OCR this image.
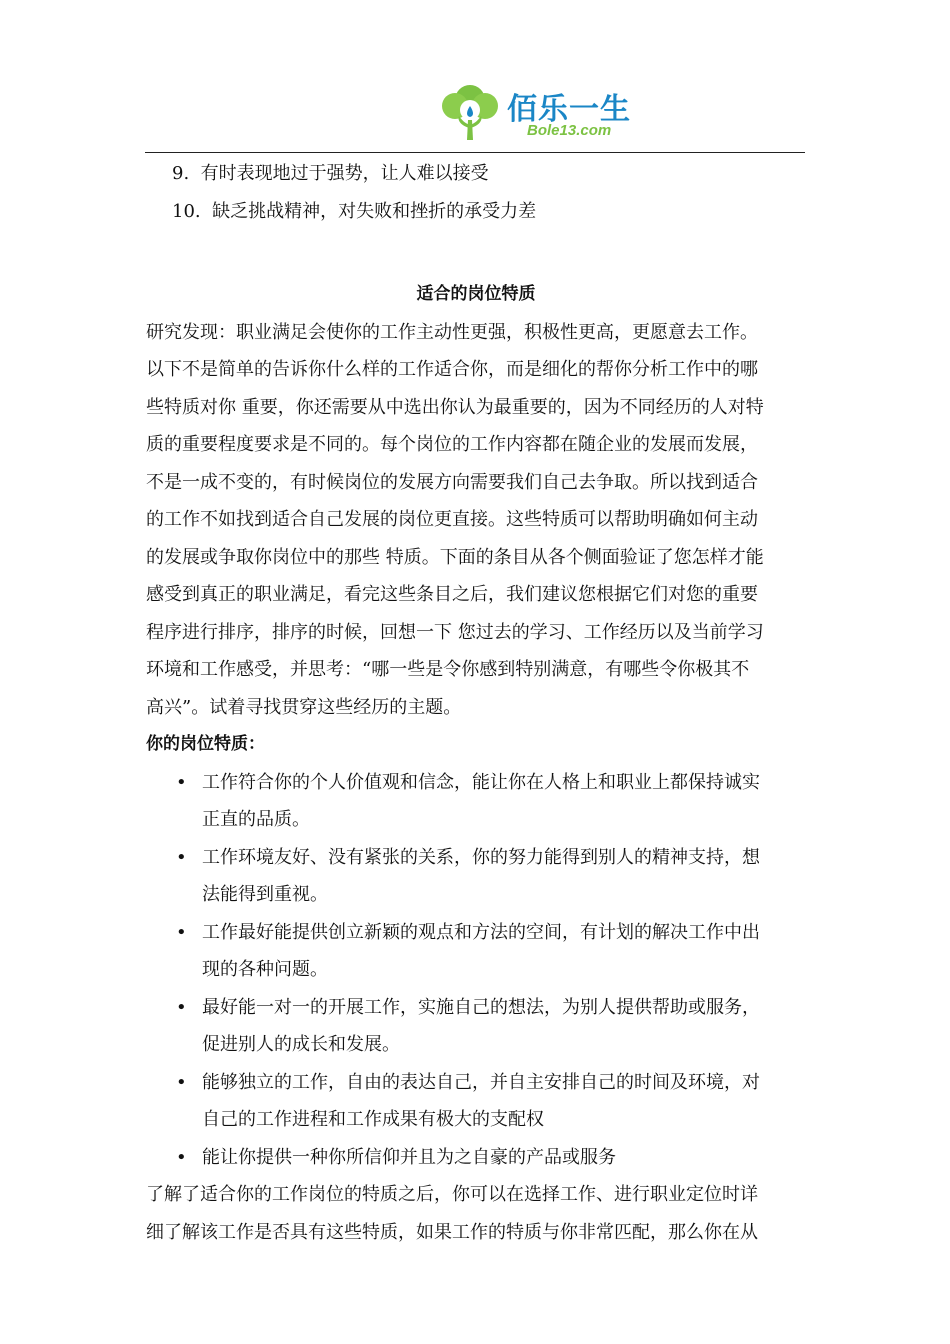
佰乐一生
Bole13.com
9. 有时表现地过于强势，让人难以接受
10. 缺乏挑战精神，对失败和挫折的承受力差
适合的岗位特质
研究发现：职业满足会使你的工作主动性更强，积极性更高，更愿意去工作。
以下不是简单的告诉你什么样的工作适合你，而是细化的帮你分析工作中的哪
些特质对你 重要，你还需要从中选出你认为最重要的，因为不同经历的人对特
质的重要程度要求是不同的。每个岗位的工作内容都在随企业的发展而发展，
不是一成不变的，有时候岗位的发展方向需要我们自己去争取。所以找到适合
的工作不如找到适合自己发展的岗位更直接。这些特质可以帮助明确如何主动
的发展或争取你岗位中的那些 特质。下面的条目从各个侧面验证了您怎样才能
感受到真正的职业满足，看完这些条目之后，我们建议您根据它们对您的重要
程序进行排序，排序的时候，回想一下 您过去的学习、工作经历以及当前学习
环境和工作感受，并思考：“哪一些是令你感到特别满意，有哪些令你极其不
高兴”。试着寻找贯穿这些经历的主题。
你的岗位特质：
• 工作符合你的个人价值观和信念，能让你在人格上和职业上都保持诚实
正直的品质。
• 工作环境友好、没有紧张的关系，你的努力能得到别人的精神支持，想
法能得到重视。
• 工作最好能提供创立新颖的观点和方法的空间，有计划的解决工作中出
现的各种问题。
• 最好能一对一的开展工作，实施自己的想法，为别人提供帮助或服务，
促进别人的成长和发展。
• 能够独立的工作，自由的表达自己，并自主安排自己的时间及环境，对
自己的工作进程和工作成果有极大的支配权
• 能让你提供一种你所信仰并且为之自豪的产品或服务
了解了适合你的工作岗位的特质之后，你可以在选择工作、进行职业定位时详
细了解该工作是否具有这些特质，如果工作的特质与你非常匹配，那么你在从
